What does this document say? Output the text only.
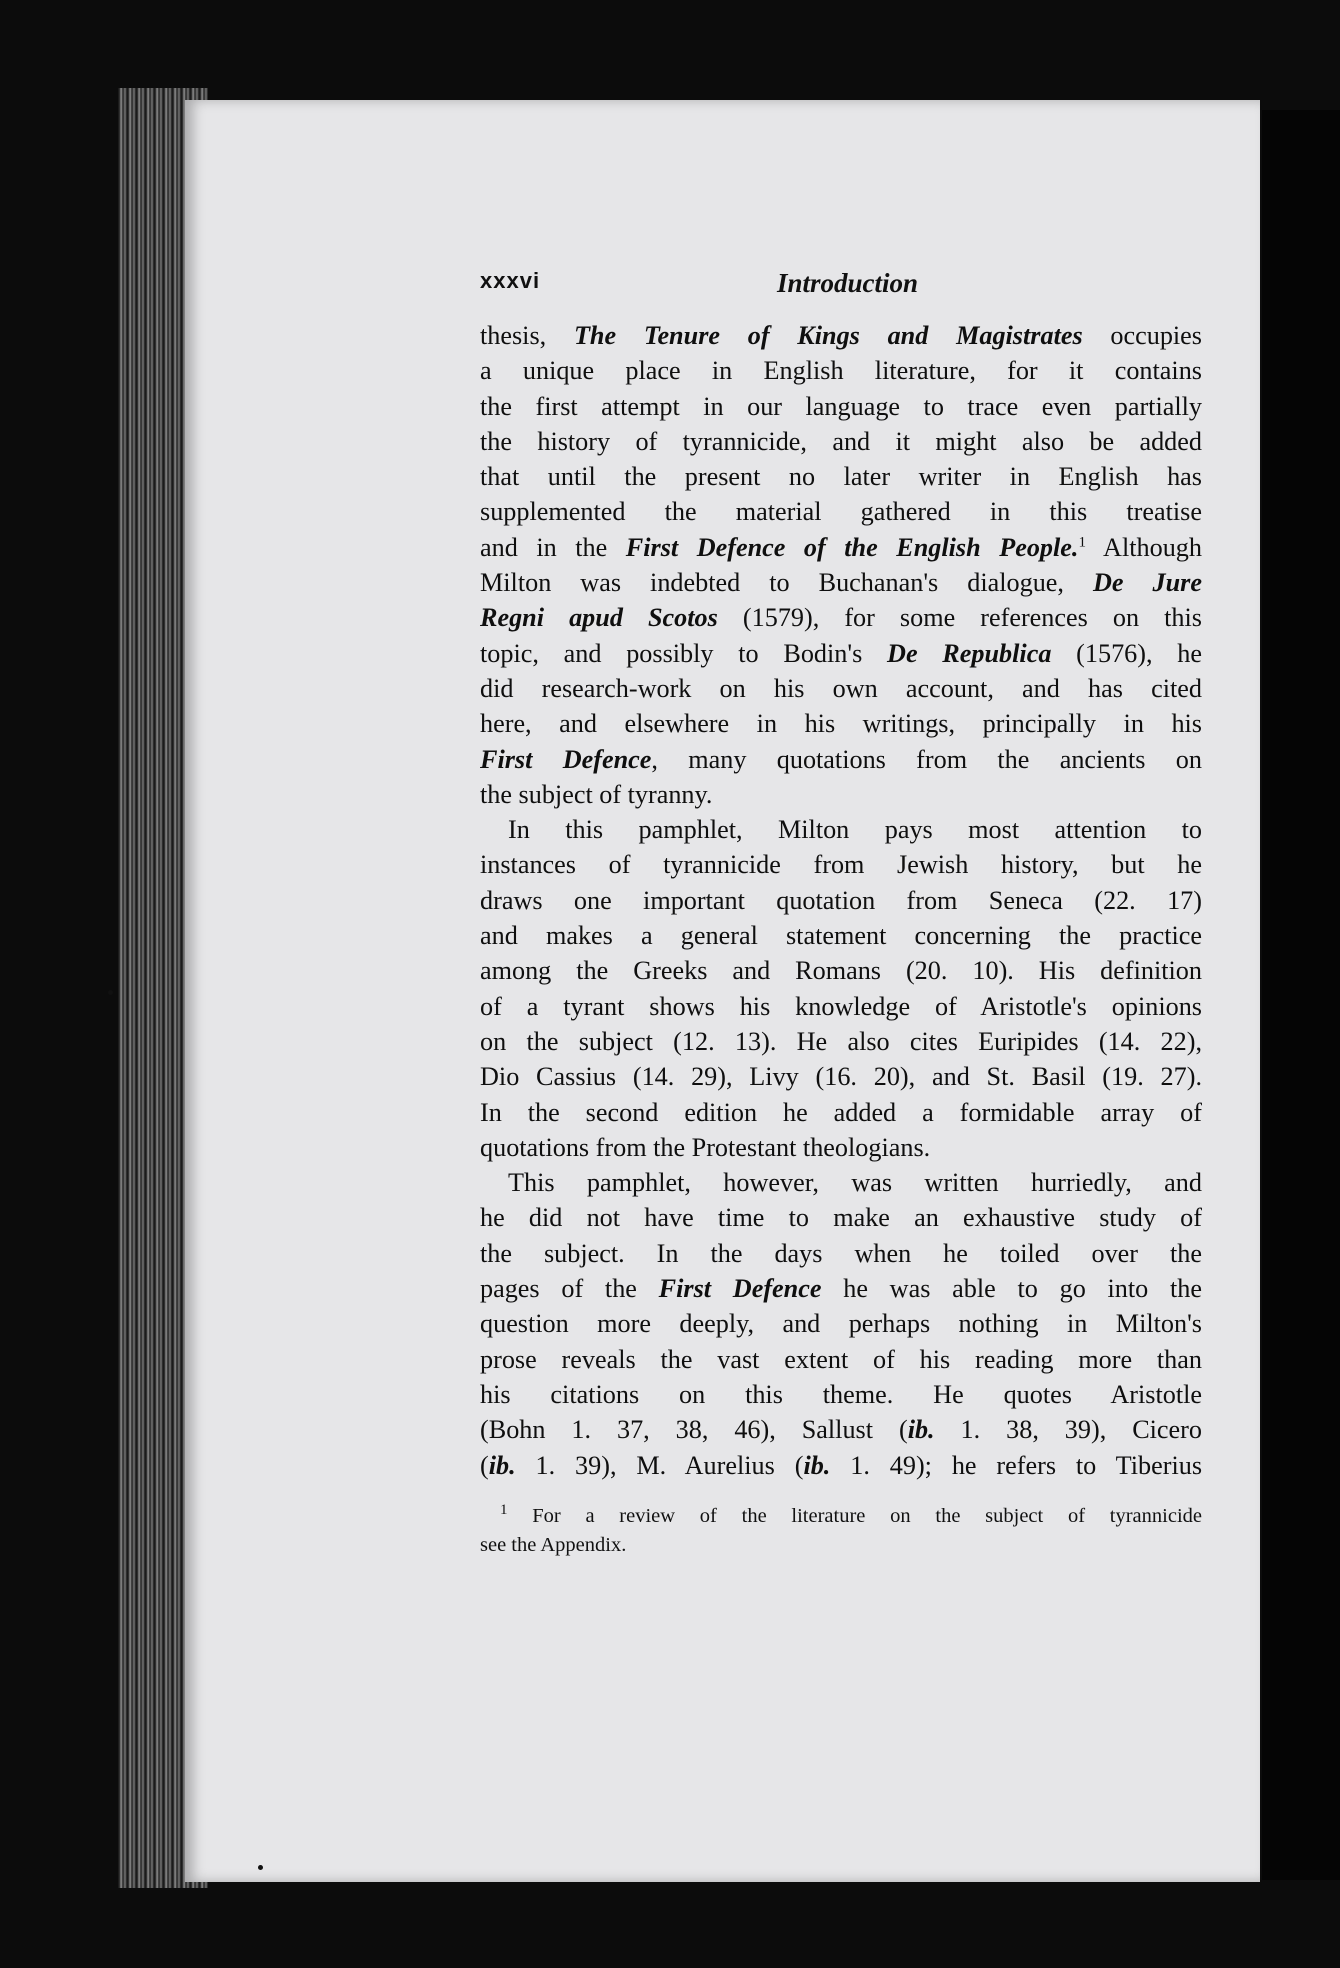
xxxvi	Introduction
thesis, The Tenure of Kings and Magistrates occupies
a unique place in English literature, for it contains
the first attempt in our language to trace even partially
the history of tyrannicide, and it might also be added
that until the present no later writer in English has
supplemented the material gathered in this treatise
and in the First Defence of the English People.$^1$ Although
Milton was indebted to Buchanan's dialogue, De Jure
Regni apud Scotos (1579), for some references on this
topic, and possibly to Bodin's De Republica (1576), he
did research-work on his own account, and has cited
here, and elsewhere in his writings, principally in his
First Defence, many quotations from the ancients on
the subject of tyranny.
In this pamphlet, Milton pays most attention to
instances of tyrannicide from Jewish history, but he
draws one important quotation from Seneca (22. 17)
and makes a general statement concerning the practice
among the Greeks and Romans (20. 10). His definition
of a tyrant shows his knowledge of Aristotle's opinions
on the subject (12. 13). He also cites Euripides (14. 22),
Dio Cassius (14. 29), Livy (16. 20), and St. Basil (19. 27).
In the second edition he added a formidable array of
quotations from the Protestant theologians.
This pamphlet, however, was written hurriedly, and
he did not have time to make an exhaustive study of
the subject. In the days when he toiled over the
pages of the First Defence he was able to go into the
question more deeply, and perhaps nothing in Milton's
prose reveals the vast extent of his reading more than
his citations on this theme. He quotes Aristotle
(Bohn 1. 37, 38, 46), Sallust (ib. 1. 38, 39), Cicero
(ib. 1. 39), M. Aurelius (ib. 1. 49); he refers to Tiberius
$^1$ For a review of the literature on the subject of tyrannicide
see the Appendix.
